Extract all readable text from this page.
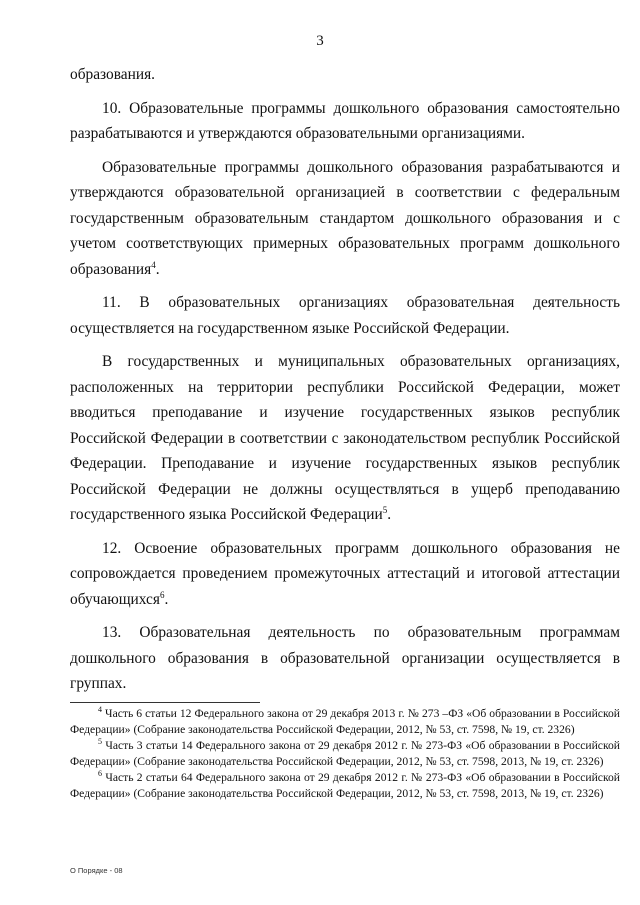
3

образования.

10. Образовательные программы дошкольного образования самостоятельно разрабатываются и утверждаются образовательными организациями.

Образовательные программы дошкольного образования разрабатываются и утверждаются образовательной организацией в соответствии с федеральным государственным образовательным стандартом дошкольного образования и с учетом соответствующих примерных образовательных программ дошкольного образования$^4$.

11. В образовательных организациях образовательная деятельность осуществляется на государственном языке Российской Федерации.

В государственных и муниципальных образовательных организациях, расположенных на территории республики Российской Федерации, может вводиться преподавание и изучение государственных языков республик Российской Федерации в соответствии с законодательством республик Российской Федерации. Преподавание и изучение государственных языков республик Российской Федерации не должны осуществляться в ущерб преподаванию государственного языка Российской Федерации$^5$.

12. Освоение образовательных программ дошкольного образования не сопровождается проведением промежуточных аттестаций и итоговой аттестации обучающихся$^6$.

13. Образовательная деятельность по образовательным программам дошкольного образования в образовательной организации осуществляется в группах.

$^4$ Часть 6 статьи 12 Федерального закона от 29 декабря 2013 г. № 273 –ФЗ «Об образовании в Российской Федерации» (Собрание законодательства Российской Федерации, 2012, № 53, ст. 7598, № 19, ст. 2326)

$^5$ Часть 3 статьи 14 Федерального закона от 29 декабря 2012 г. № 273-ФЗ «Об образовании в Российской Федерации» (Собрание законодательства Российской Федерации, 2012, № 53, ст. 7598, 2013, № 19, ст. 2326)

$^6$ Часть 2 статьи 64 Федерального закона от 29 декабря 2012 г. № 273-ФЗ «Об образовании в Российской Федерации» (Собрание законодательства Российской Федерации, 2012, № 53, ст. 7598, 2013, № 19, ст. 2326)

О Порядке - 08
